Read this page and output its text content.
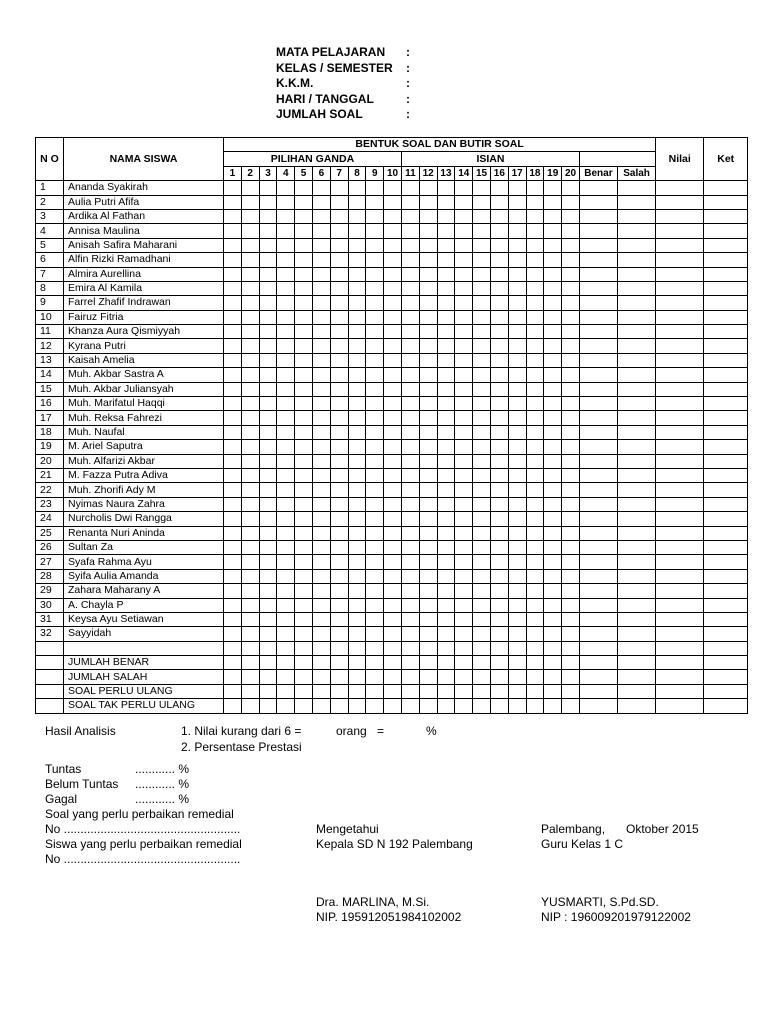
MATA PELAJARAN :
KELAS / SEMESTER :
K.K.M.	:
HARI / TANGGAL	:
JUMLAH SOAL	:
N O	NAMA SISWA	BENTUK SOAL DAN BUTIR SOAL																						Nilai	Ket
		PILIHAN GANDA										ISIAN													
		1	2	3	4	5	6	7	8	9	10	11	12	13	14	15	16	17	18	19	20	Benar	Salah		
1	Ananda Syakirah																								
2	Aulia Putri Afifa																								
3	Ardika Al Fathan																								
4	Annisa Maulina																								
5	Anisah Safira Maharani																								
6	Alfin Rizki Ramadhani																								
7	Almira Aurellina																								
8	Emira Al Kamila																								
9	Farrel Zhafif Indrawan																								
10	Fairuz Fitria																								
11	Khanza Aura Qismiyyah																								
12	Kyrana Putri																								
13	Kaisah Amelia																								
14	Muh. Akbar Sastra A																								
15	Muh. Akbar Juliansyah																								
16	Muh. Marifatul Haqqi																								
17	Muh. Reksa Fahrezi																								
18	Muh. Naufal																								
19	M. Ariel Saputra																								
20	Muh. Alfarizi Akbar																								
21	M. Fazza Putra Adiva																								
22	Muh. Zhorifi Ady M																								
23	Nyimas Naura Zahra																								
24	Nurcholis Dwi Rangga																								
25	Renanta Nuri Aninda																								
26	Sultan Za																								
27	Syafa Rahma Ayu																								
28	Syifa Aulia Amanda																								
29	Zahara Maharany A																								
30	A. Chayla P																								
31	Keysa Ayu Setiawan																								
32	Sayyidah																								

	JUMLAH BENAR																								
	JUMLAH SALAH																								
	SOAL PERLU ULANG																								
	SOAL TAK PERLU ULANG																								
Hasil Analisis	1. Nilai kurang dari 6 =	orang =	%
2. Persentase Prestasi
Tuntas	............ %
Belum Tuntas ............ %
Gagal	............ %
Soal yang perlu perbaikan remedial
No .....................................................
Siswa yang perlu perbaikan remedial
No .....................................................
Mengetahui
Kepala SD N 192 Palembang
Dra. MARLINA, M.Si.
NIP. 195912051984102002
Palembang, Oktober 2015
Guru Kelas 1 C
YUSMARTI, S.Pd.SD.
NIP : 196009201979122002
